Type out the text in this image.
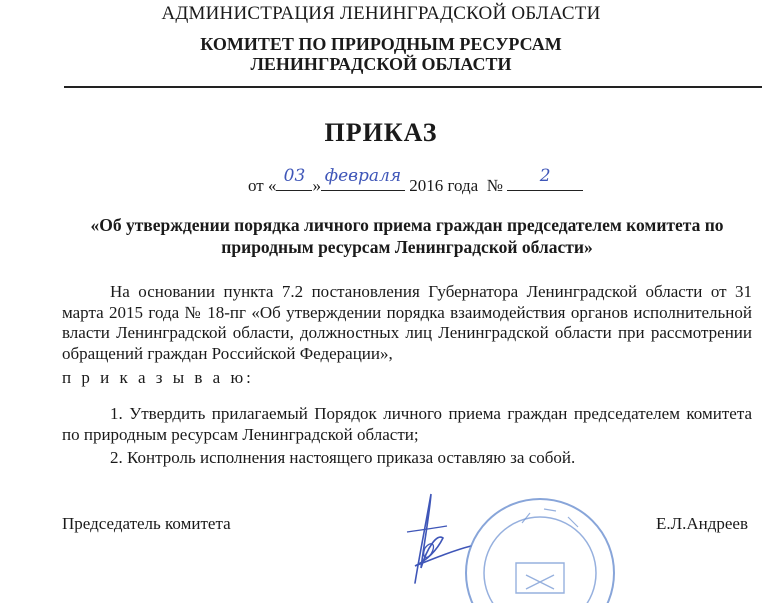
АДМИНИСТРАЦИЯ ЛЕНИНГРАДСКОЙ ОБЛАСТИ
КОМИТЕТ ПО ПРИРОДНЫМ РЕСУРСАМ
ЛЕНИНГРАДСКОЙ ОБЛАСТИ
ПРИКАЗ
от « 03 » февраля 2016 года №	2
«Об утверждении порядка личного приема граждан председателем комитета по природным ресурсам Ленинградской области»
На основании пункта 7.2 постановления Губернатора Ленинградской области от 31 марта 2015 года № 18-пг «Об утверждении порядка взаимодействия органов исполнительной власти Ленинградской области, должностных лиц Ленинградской области при рассмотрении обращений граждан Российской Федерации»,
п р и к а з ы в а ю:
1. Утвердить прилагаемый Порядок личного приема граждан председателем комитета по природным ресурсам Ленинградской области;
2. Контроль исполнения настоящего приказа оставляю за собой.
Председатель комитета	Е.Л.Андреев
